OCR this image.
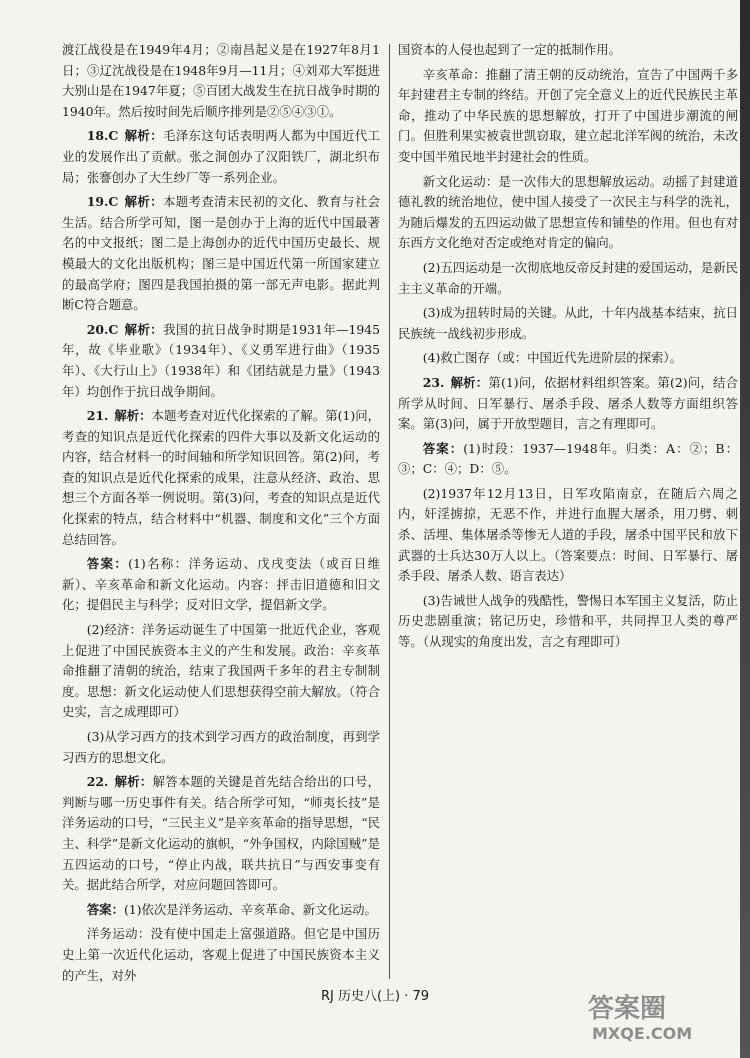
渡江战役是在1949年4月；②南昌起义是在1927年8月1日；③辽沈战役是在1948年9月—11月；④刘邓大军挺进大别山是在1947年夏；⑤百团大战发生在抗日战争时期的1940年。然后按时间先后顺序排列是②⑤④③①。

18.C 解析：毛泽东这句话表明两人都为中国近代工业的发展作出了贡献。张之洞创办了汉阳铁厂，湖北织布局；张謇创办了大生纱厂等一系列企业。

19.C 解析：本题考查清末民初的文化、教育与社会生活。结合所学可知，图一是创办于上海的近代中国最著名的中文报纸；图二是上海创办的近代中国历史最长、规模最大的文化出版机构；图三是中国近代第一所国家建立的最高学府；图四是我国拍摄的第一部无声电影。据此判断C符合题意。

20.C 解析：我国的抗日战争时期是1931年—1945年，故《毕业歌》（1934年）、《义勇军进行曲》（1935年）、《大行山上》（1938年）和《团结就是力量》（1943年）均创作于抗日战争期间。

21. 解析：本题考查对近代化探索的了解。第(1)问，考查的知识点是近代化探索的四件大事以及新文化运动的内容，结合材料一的时间轴和所学知识回答。第(2)问，考查的知识点是近代化探索的成果，注意从经济、政治、思想三个方面各举一例说明。第(3)问，考查的知识点是近代化探索的特点，结合材料中“机器、制度和文化”三个方面总结回答。

答案：(1)名称：洋务运动、戊戌变法（或百日维新）、辛亥革命和新文化运动。内容：抨击旧道德和旧文化；提倡民主与科学；反对旧文学，提倡新文学。

(2)经济：洋务运动诞生了中国第一批近代企业，客观上促进了中国民族资本主义的产生和发展。政治：辛亥革命推翻了清朝的统治，结束了我国两千多年的君主专制制度。思想：新文化运动使人们思想获得空前大解放。（符合史实，言之成理即可）

(3)从学习西方的技术到学习西方的政治制度，再到学习西方的思想文化。

22. 解析：解答本题的关键是首先结合给出的口号，判断与哪一历史事件有关。结合所学可知，“师夷长技”是洋务运动的口号，“三民主义”是辛亥革命的指导思想，“民主、科学”是新文化运动的旗帜，“外争国权，内除国贼”是五四运动的口号，“停止内战，联共抗日”与西安事变有关。据此结合所学，对应问题回答即可。

答案：(1)依次是洋务运动、辛亥革命、新文化运动。

洋务运动：没有使中国走上富强道路。但它是中国历史上第一次近代化运动，客观上促进了中国民族资本主义的产生，对外

国资本的人侵也起到了一定的抵制作用。

辛亥革命：推翻了清王朝的反动统治，宣告了中国两千多年封建君主专制的终结。开创了完全意义上的近代民族民主革命，推动了中华民族的思想解放，打开了中国进步潮流的闸门。但胜利果实被袁世凯窃取，建立起北洋军阀的统治，未改变中国半殖民地半封建社会的性质。

新文化运动：是一次伟大的思想解放运动。动摇了封建道德礼教的统治地位，使中国人接受了一次民主与科学的洗礼，为随后爆发的五四运动做了思想宣传和铺垫的作用。但也有对东西方文化绝对否定或绝对肯定的偏向。

(2)五四运动是一次彻底地反帝反封建的爱国运动，是新民主主义革命的开端。

(3)成为扭转时局的关键。从此，十年内战基本结束，抗日民族统一战线初步形成。

(4)救亡图存（或：中国近代先进阶层的探索）。

23. 解析：第(1)问，依据材料组织答案。第(2)问，结合所学从时间、日军暴行、屠杀手段、屠杀人数等方面组织答案。第(3)问，属于开放型题目，言之有理即可。

答案：(1)时段：1937—1948年。归类：A：②；B：③；C：④；D：⑤。

(2)1937年12月13日，日军攻陷南京，在随后六周之内，奸淫掳掠，无恶不作，并进行血腥大屠杀，用刀劈、刺杀、活埋、集体屠杀等惨无人道的手段，屠杀中国平民和放下武器的士兵达30万人以上。（答案要点：时间、日军暴行、屠杀手段、屠杀人数、语言表达）

(3)告诫世人战争的残酷性，警惕日本军国主义复活，防止历史悲剧重演；铭记历史，珍惜和平，共同捍卫人类的尊严等。（从现实的角度出发，言之有理即可）

RJ 历史八(上) · 79	答案圈
MXQE.COM
